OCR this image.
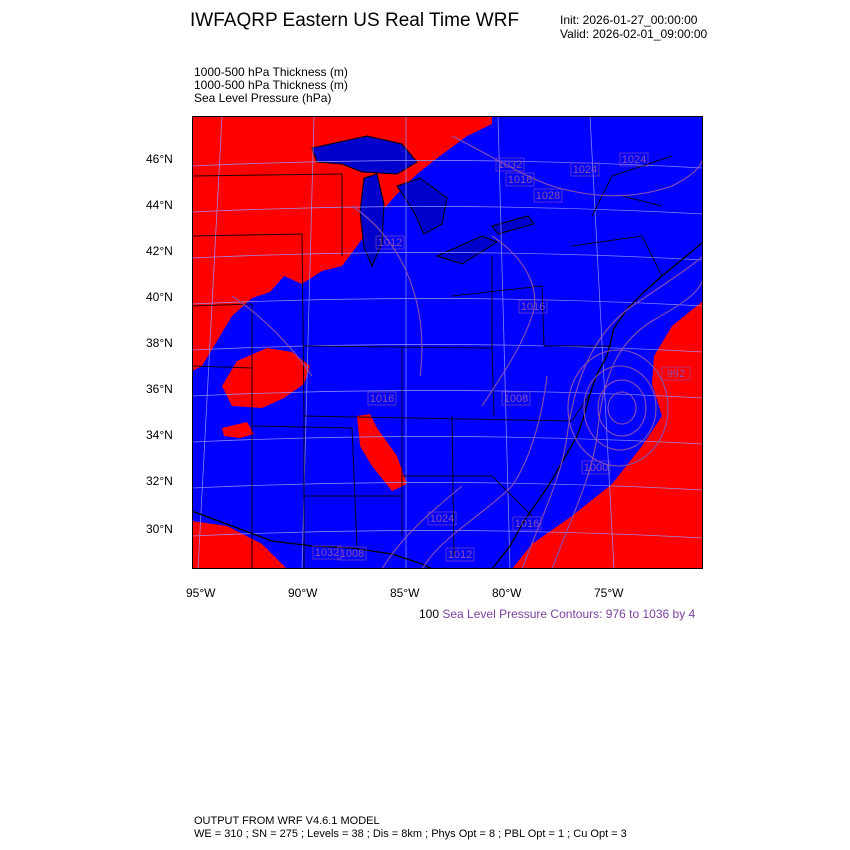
IWFAQRP Eastern US Real Time WRF	Init: 2026-01-27_00:00:00
Valid: 2026-02-01_09:00:00
1000-500 hPa Thickness (m)
1000-500 hPa Thickness (m)
Sea Level Pressure (hPa)
1024
1028
1016
1008
1012
1016
992
1000
1024	1016
1012
1008
1016
1032	1024
1032
46°N
44°N
42°N
40°N
38°N
36°N
34°N
32°N
30°N
95°W	90°W	85°W	80°W	75°W
100 Sea Level Pressure Contours: 976 to 1036 by 4
OUTPUT FROM WRF V4.6.1 MODEL
WE = 310 ; SN = 275 ; Levels = 38 ; Dis = 8km ; Phys Opt = 8 ; PBL Opt = 1 ; Cu Opt = 3
